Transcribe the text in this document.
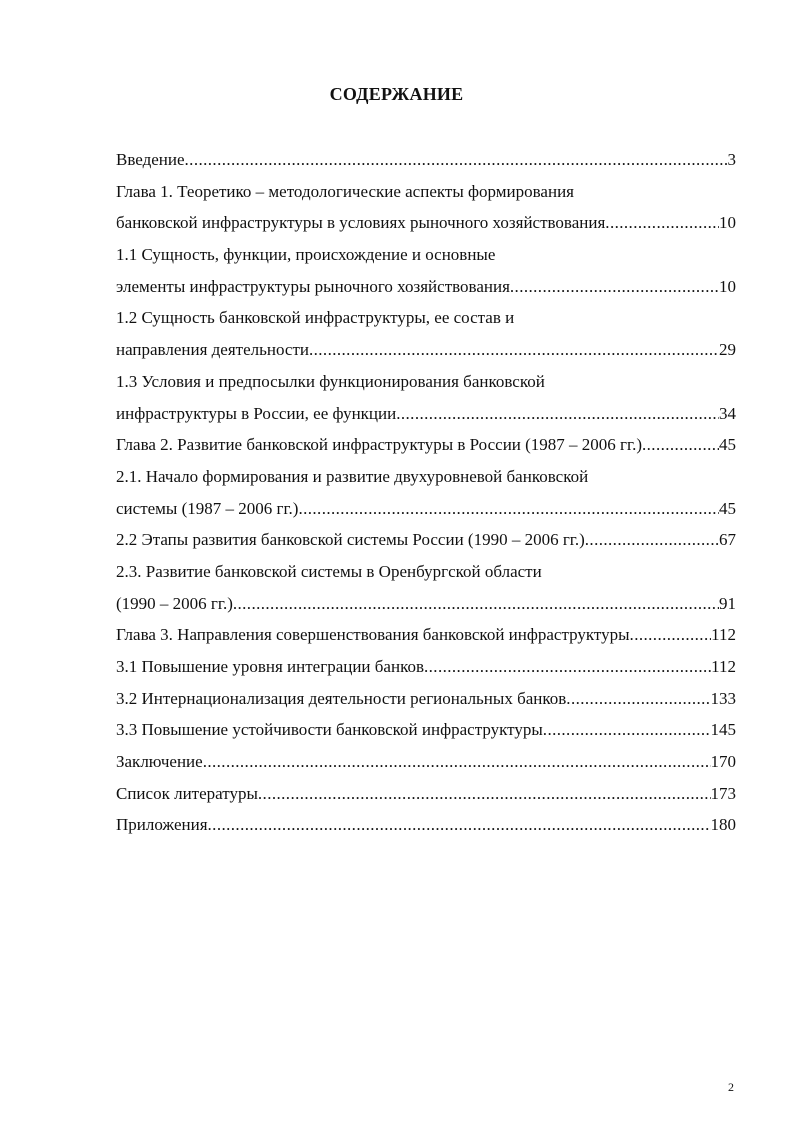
СОДЕРЖАНИЕ
Введение .....	3
Глава 1. Теоретико – методологические аспекты формирования
банковской инфраструктуры в условиях рыночного хозяйствования .....	10
1.1 Сущность, функции, происхождение и основные
элементы инфраструктуры рыночного хозяйствования .....	10
1.2 Сущность банковской инфраструктуры, ее состав и
направления деятельности .....	29
1.3 Условия и предпосылки функционирования банковской
инфраструктуры в России, ее функции .....	34
Глава 2. Развитие банковской инфраструктуры в России (1987 – 2006 гг.) .....	45
2.1. Начало формирования и развитие двухуровневой банковской
системы (1987 – 2006 гг.) .....	45
2.2 Этапы развития банковской системы России (1990 – 2006 гг.) .....	67
2.3. Развитие банковской системы в Оренбургской области
(1990 – 2006 гг.) .....	91
Глава 3. Направления совершенствования банковской инфраструктуры .....	112
3.1 Повышение уровня интеграции банков .....	112
3.2 Интернационализация деятельности региональных банков .....	133
3.3 Повышение устойчивости банковской инфраструктуры .....	145
Заключение .....	170
Список литературы .....	173
Приложения .....	180
2
